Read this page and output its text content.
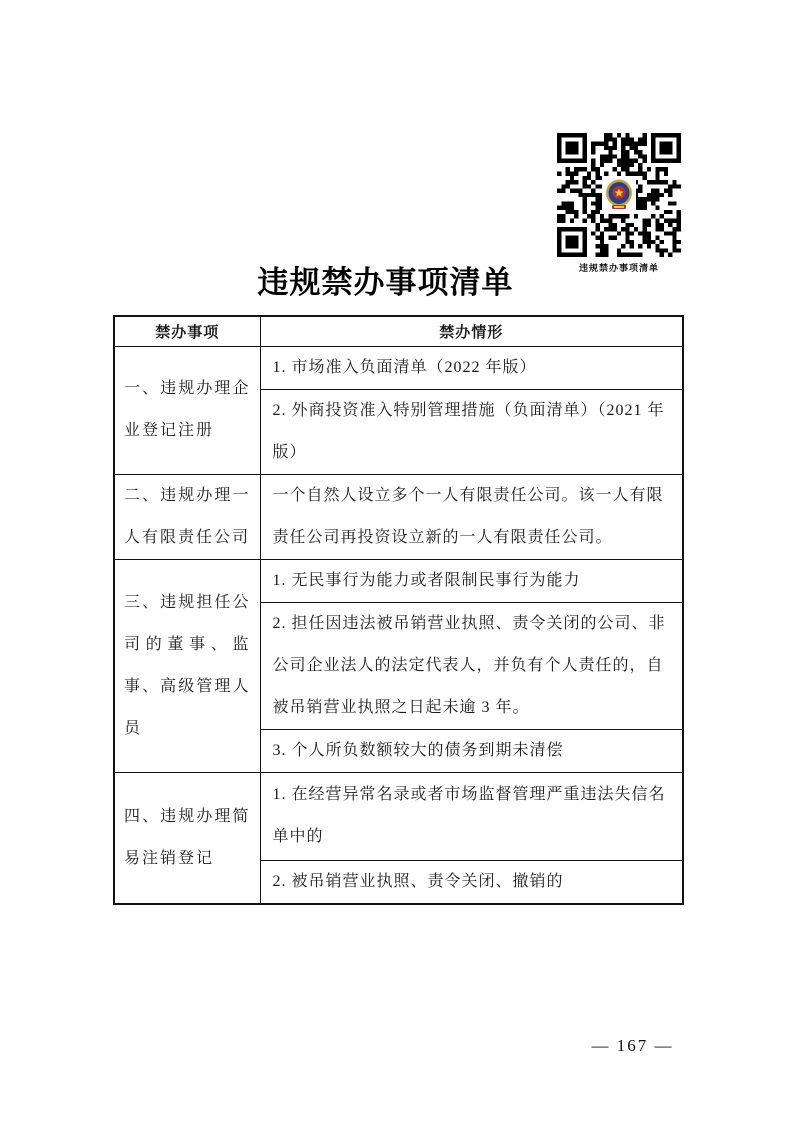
违规禁办事项清单
违规禁办事项清单
禁办事项	禁办情形
一、违规办理企业登记注册	1. 市场准入负面清单（2022 年版）
	2. 外商投资准入特别管理措施（负面清单）（2021 年版）
二、违规办理一人有限责任公司	一个自然人设立多个一人有限责任公司。该一人有限责任公司再投资设立新的一人有限责任公司。
三、违规担任公司的董事、监事、高级管理人员	1. 无民事行为能力或者限制民事行为能力
	2. 担任因违法被吊销营业执照、责令关闭的公司、非公司企业法人的法定代表人，并负有个人责任的，自被吊销营业执照之日起未逾 3 年。
	3. 个人所负数额较大的债务到期未清偿
四、违规办理简易注销登记	1. 在经营异常名录或者市场监督管理严重违法失信名单中的
	2. 被吊销营业执照、责令关闭、撤销的
— 167 —
